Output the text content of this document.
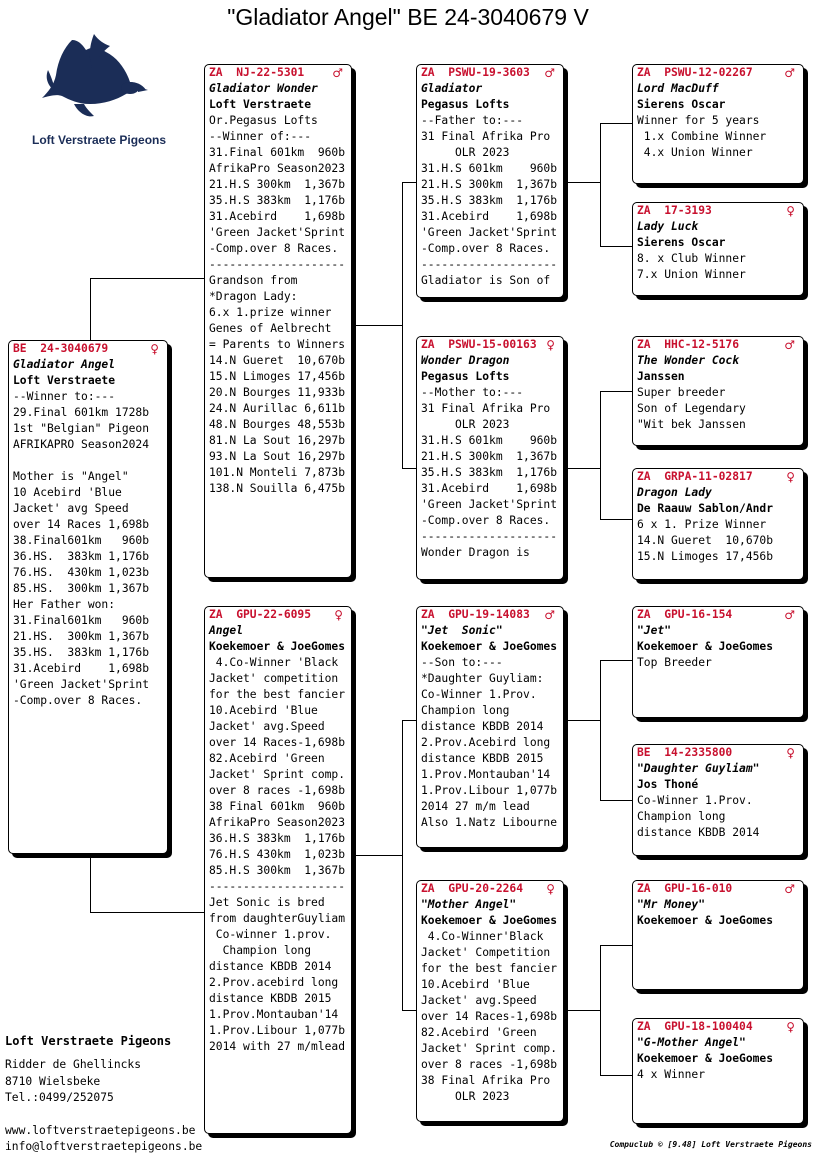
"Gladiator Angel" BE 24-3040679 V
Loft Verstraete Pigeons
BE  24-3040679	♀
Gladiator Angel
Loft Verstraete
--Winner to:---
29.Final 601km 1728b
1st "Belgian" Pigeon
AFRIKAPRO Season2024
Mother is "Angel"
10 Acebird 'Blue
Jacket' avg Speed
over 14 Races 1,698b
38.Final601km   960b
36.HS.  383km 1,176b
76.HS.  430km 1,023b
85.HS.  300km 1,367b
Her Father won:
31.Final601km   960b
21.HS.  300km 1,367b
35.HS.  383km 1,176b
31.Acebird    1,698b
'Green Jacket'Sprint
-Comp.over 8 Races.
ZA  NJ-22-5301	♂
Gladiator Wonder
Loft Verstraete
Or.Pegasus Lofts
--Winner of:---
31.Final 601km  960b
AfrikaPro Season2023
21.H.S 300km  1,367b
35.H.S 383km  1,176b
31.Acebird    1,698b
'Green Jacket'Sprint
-Comp.over 8 Races.
--------------------
Grandson from
*Dragon Lady:
6.x 1.prize winner
Genes of Aelbrecht
= Parents to Winners
14.N Gueret  10,670b
15.N Limoges 17,456b
20.N Bourges 11,933b
24.N Aurillac 6,611b
48.N Bourges 48,553b
81.N La Sout 16,297b
93.N La Sout 16,297b
101.N Monteli 7,873b
138.N Souilla 6,475b
ZA  GPU-22-6095	♀
Angel
Koekemoer & JoeGomes
4.Co-Winner 'Black
Jacket' competition
for the best fancier
10.Acebird 'Blue
Jacket' avg.Speed
over 14 Races-1,698b
82.Acebird 'Green
Jacket' Sprint comp.
over 8 races -1,698b
38 Final 601km  960b
AfrikaPro Season2023
36.H.S 383km  1,176b
76.H.S 430km  1,023b
85.H.S 300km  1,367b
--------------------
Jet Sonic is bred
from daughterGuyliam
Co-winner 1.prov.
Champion long
distance KBDB 2014
2.Prov.acebird long
distance KBDB 2015
1.Prov.Montauban'14
1.Prov.Libour 1,077b
2014 with 27 m/mlead
ZA  PSWU-19-3603	♂
Gladiator
Pegasus Lofts
--Father to:---
31 Final Afrika Pro
OLR 2023
31.H.S 601km    960b
21.H.S 300km  1,367b
35.H.S 383km  1,176b
31.Acebird    1,698b
'Green Jacket'Sprint
-Comp.over 8 Races.
--------------------
Gladiator is Son of
ZA  PSWU-15-00163 ♀
Wonder Dragon
Pegasus Lofts
--Mother to:---
31 Final Afrika Pro
OLR 2023
31.H.S 601km    960b
21.H.S 300km  1,367b
35.H.S 383km  1,176b
31.Acebird    1,698b
'Green Jacket'Sprint
-Comp.over 8 Races.
--------------------
Wonder Dragon is
ZA  GPU-19-14083	♂
"Jet  Sonic"
Koekemoer & JoeGomes
--Son to:---
*Daughter Guyliam:
Co-Winner 1.Prov.
Champion long
distance KBDB 2014
2.Prov.Acebird long
distance KBDB 2015
1.Prov.Montauban'14
1.Prov.Libour 1,077b
2014 27 m/m lead
Also 1.Natz Libourne
ZA  GPU-20-2264	♀
"Mother Angel"
Koekemoer & JoeGomes
4.Co-Winner'Black
Jacket' Competition
for the best fancier
10.Acebird 'Blue
Jacket' avg.Speed
over 14 Races-1,698b
82.Acebird 'Green
Jacket' Sprint comp.
over 8 races -1,698b
38 Final Afrika Pro
OLR 2023
ZA  PSWU-12-02267	♂
Lord MacDuff
Sierens Oscar
Winner for 5 years
1.x Combine Winner
4.x Union Winner
ZA  17-3193	♀
Lady Luck
Sierens Oscar
8. x Club Winner
7.x Union Winner
ZA  HHC-12-5176	♂
The Wonder Cock
Janssen
Super breeder
Son of Legendary
"Wit bek Janssen
ZA  GRPA-11-02817	♀
Dragon Lady
De Raauw Sablon/Andr
6 x 1. Prize Winner
14.N Gueret  10,670b
15.N Limoges 17,456b
ZA  GPU-16-154	♂
"Jet"
Koekemoer & JoeGomes
Top Breeder
BE  14-2335800	♀
"Daughter Guyliam"
Jos Thoné
Co-Winner 1.Prov.
Champion long
distance KBDB 2014
ZA  GPU-16-010	♂
"Mr Money"
Koekemoer & JoeGomes
ZA  GPU-18-100404	♀
"G-Mother Angel"
Koekemoer & JoeGomes
4 x Winner
Loft Verstraete Pigeons
Ridder de Ghellincks
8710 Wielsbeke
Tel.:0499/252075
www.loftverstraetepigeons.be
info@loftverstraetepigeons.be	Compuclub © [9.48] Loft Verstraete Pigeons
